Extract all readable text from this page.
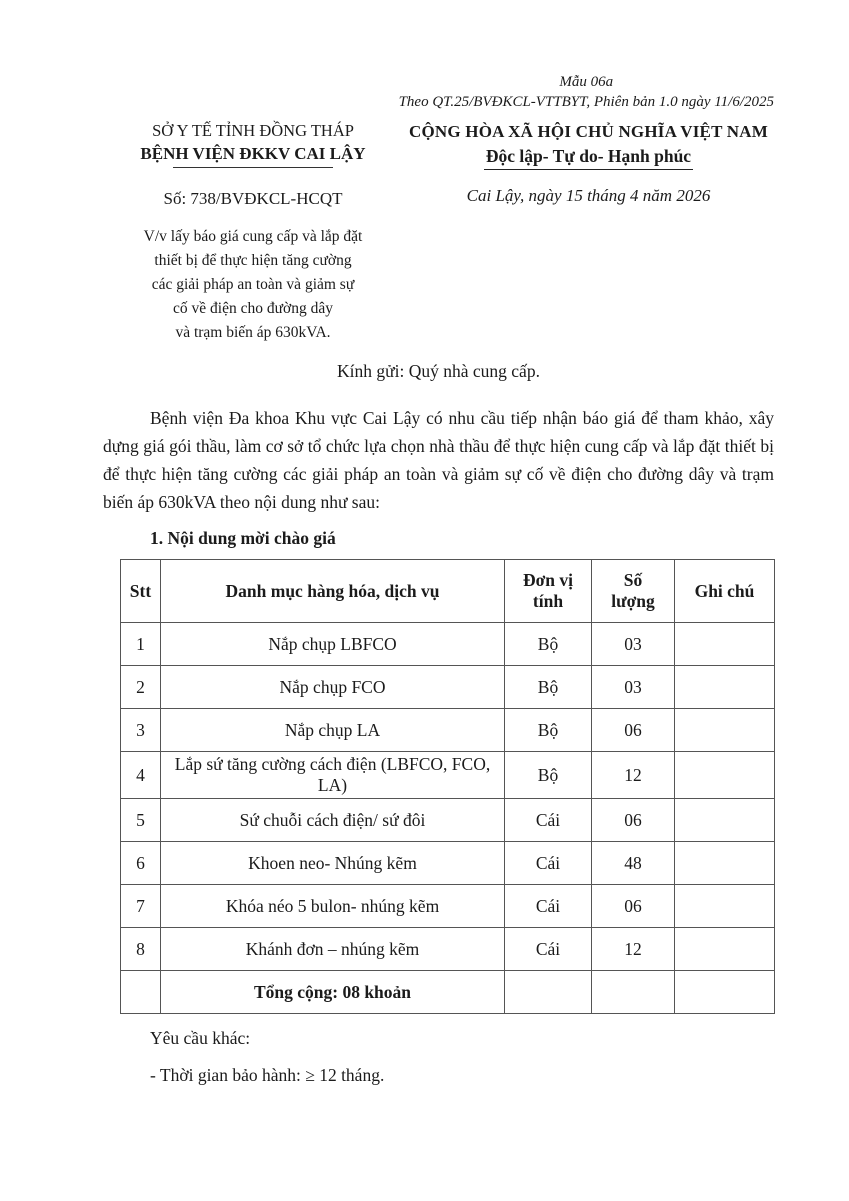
Mẫu 06a
Theo QT.25/BVĐKCL-VTTBYT, Phiên bản 1.0 ngày 11/6/2025
SỞ Y TẾ TỈNH ĐỒNG THÁP
BỆNH VIỆN ĐKKV CAI LẬY
Số: 738/BVĐKCL-HCQT
V/v lấy báo giá cung cấp và lắp đặt
thiết bị để thực hiện tăng cường
các giải pháp an toàn và giảm sự
cố về điện cho đường dây
và trạm biến áp 630kVA.
CỘNG HÒA XÃ HỘI CHỦ NGHĨA VIỆT NAM
Độc lập- Tự do- Hạnh phúc
Cai Lậy, ngày 15 tháng 4 năm 2026
Kính gửi: Quý nhà cung cấp.

Bệnh viện Đa khoa Khu vực Cai Lậy có nhu cầu tiếp nhận báo giá để tham khảo, xây dựng giá gói thầu, làm cơ sở tổ chức lựa chọn nhà thầu để thực hiện cung cấp và lắp đặt thiết bị để thực hiện tăng cường các giải pháp an toàn và giảm sự cố về điện cho đường dây và trạm biến áp 630kVA theo nội dung như sau:

1. Nội dung mời chào giá
Stt	Danh mục hàng hóa, dịch vụ	Đơn vị tính	Số lượng	Ghi chú
1	Nắp chụp LBFCO	Bộ	03	
2	Nắp chụp FCO	Bộ	03	
3	Nắp chụp LA	Bộ	06	
4	Lắp sứ tăng cường cách điện (LBFCO, FCO, LA)	Bộ	12	
5	Sứ chuỗi cách điện/ sứ đôi	Cái	06	
6	Khoen neo- Nhúng kẽm	Cái	48	
7	Khóa néo 5 bulon- nhúng kẽm	Cái	06	
8	Khánh đơn – nhúng kẽm	Cái	12	
	Tổng cộng: 08 khoản			
Yêu cầu khác:
- Thời gian bảo hành: ≥ 12 tháng.
